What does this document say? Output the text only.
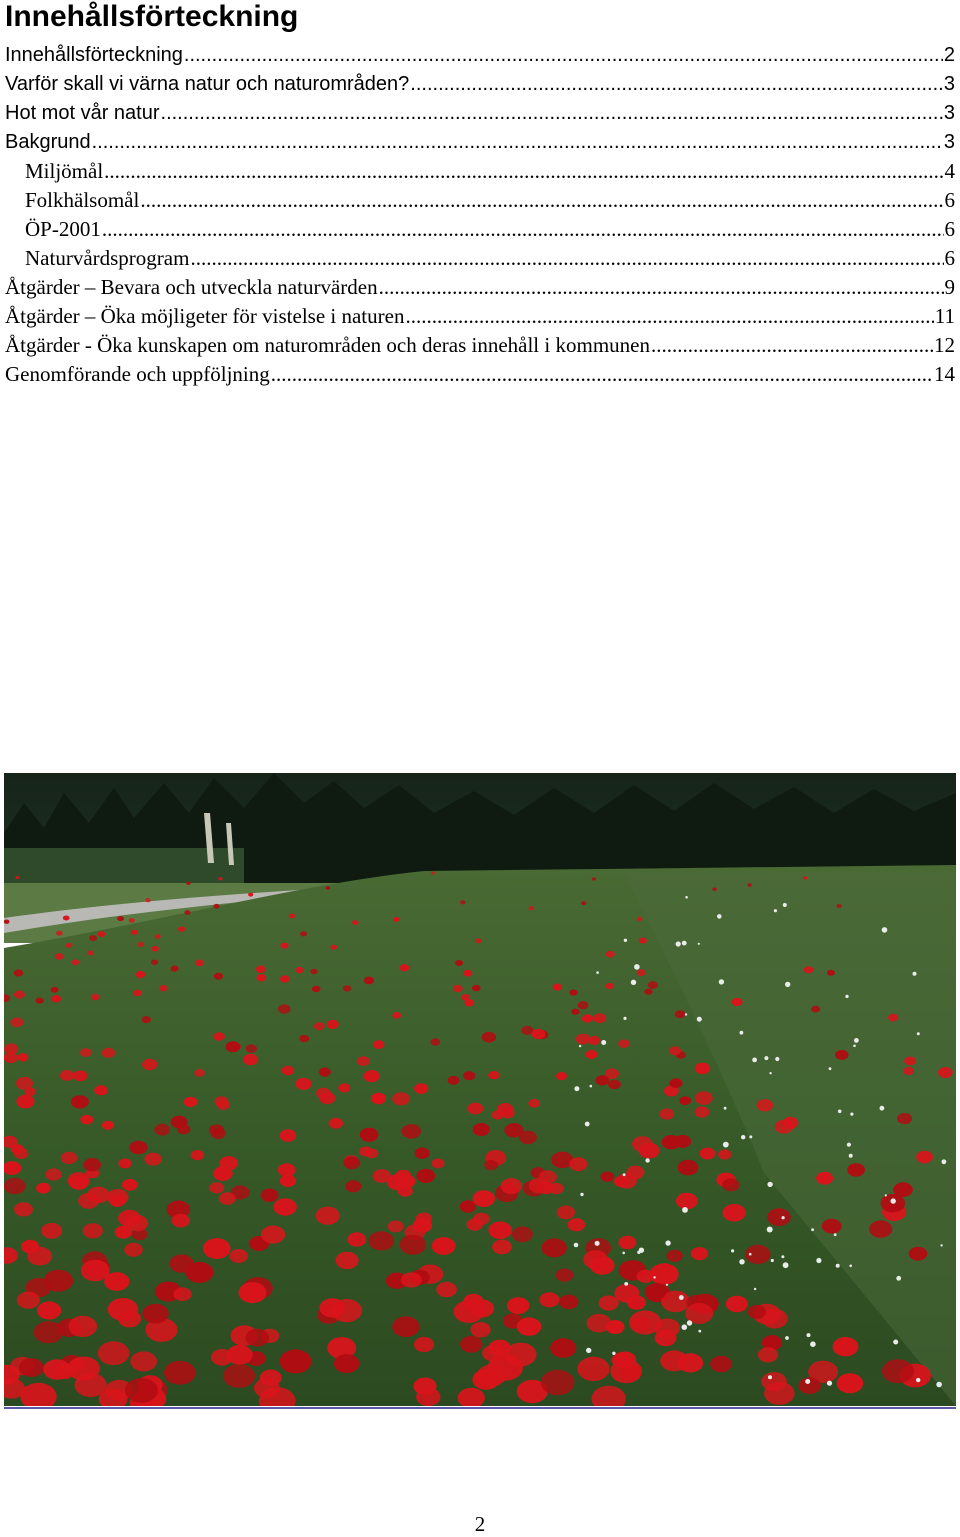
Innehållsförteckning
Innehållsförteckning .....	2
Varför skall vi värna natur och naturområden? .....	3
Hot mot vår natur .....	3
Bakgrund .....	3
Miljömål .....	4
Folkhälsomål .....	6
ÖP-2001 .....	6
Naturvårdsprogram .....	6
Åtgärder – Bevara och utveckla naturvärden .....	9
Åtgärder – Öka möjligeter för vistelse i naturen .....	11
Åtgärder - Öka kunskapen om naturområden och deras innehåll i kommunen .....	12
Genomförande och uppföljning .....	14
2
